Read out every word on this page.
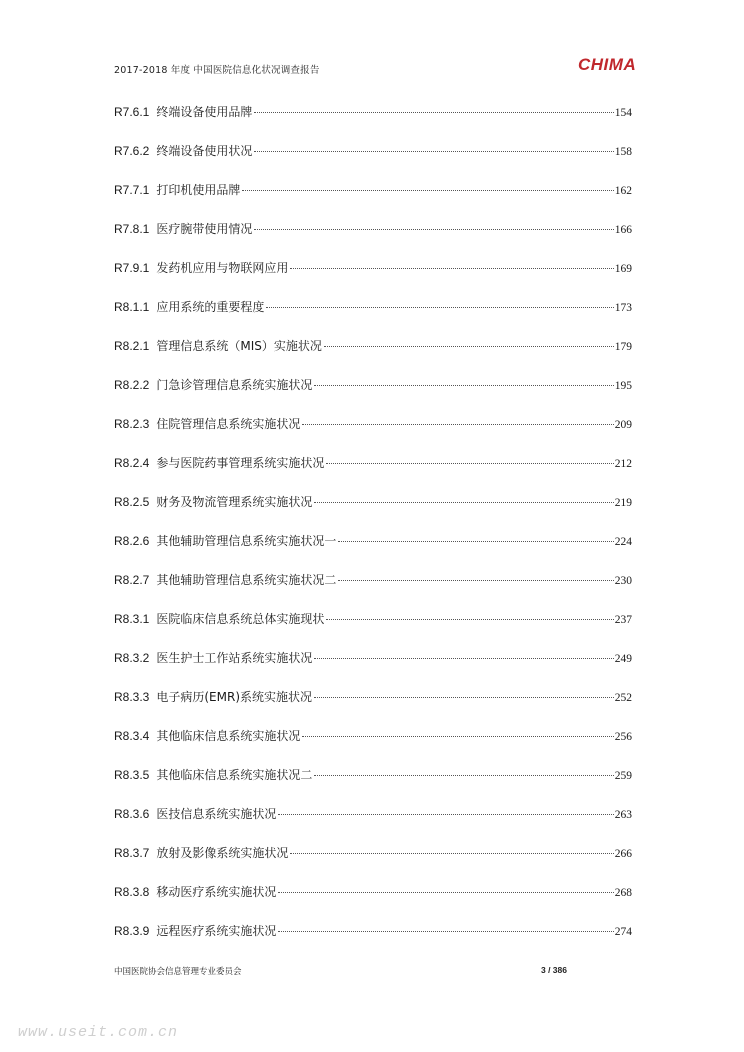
2017-2018 年度 中国医院信息化状况调查报告	CHIMA
R7.6.1 终端设备使用品牌	154
R7.6.2 终端设备使用状况	158
R7.7.1 打印机使用品牌	162
R7.8.1 医疗腕带使用情况	166
R7.9.1 发药机应用与物联网应用	169
R8.1.1 应用系统的重要程度	173
R8.2.1 管理信息系统（MIS）实施状况	179
R8.2.2 门急诊管理信息系统实施状况	195
R8.2.3 住院管理信息系统实施状况	209
R8.2.4 参与医院药事管理系统实施状况	212
R8.2.5 财务及物流管理系统实施状况	219
R8.2.6 其他辅助管理信息系统实施状况一	224
R8.2.7 其他辅助管理信息系统实施状况二	230
R8.3.1 医院临床信息系统总体实施现状	237
R8.3.2 医生护士工作站系统实施状况	249
R8.3.3 电子病历(EMR)系统实施状况	252
R8.3.4 其他临床信息系统实施状况	256
R8.3.5 其他临床信息系统实施状况二	259
R8.3.6 医技信息系统实施状况	263
R8.3.7 放射及影像系统实施状况	266
R8.3.8 移动医疗系统实施状况	268
R8.3.9 远程医疗系统实施状况	274
中国医院协会信息管理专业委员会	3 / 386
www.useit.com.cn
